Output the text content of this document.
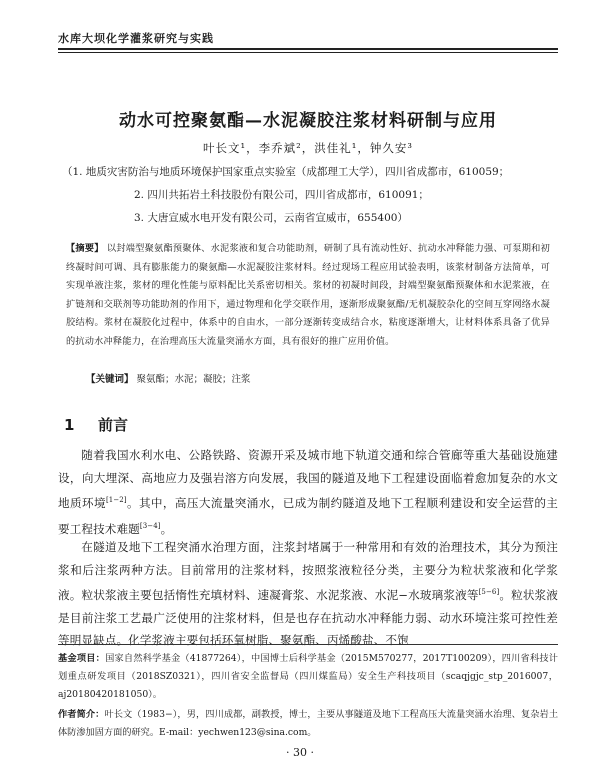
水库大坝化学灌浆研究与实践
动水可控聚氨酯—水泥凝胶注浆材料研制与应用
叶长文¹，李乔斌²，洪佳礼¹，钟久安³
（1. 地质灾害防治与地质环境保护国家重点实验室（成都理工大学），四川省成都市，610059；
2. 四川共拓岩土科技股份有限公司，四川省成都市，610091；
3. 大唐宣威水电开发有限公司，云南省宣威市，655400）
【摘要】 以封端型聚氨酯预聚体、水泥浆液和复合功能助剂，研制了具有流动性好、抗动水冲释能力强、可泵期和初终凝时间可调、具有膨胀能力的聚氨酯—水泥凝胶注浆材料。经过现场工程应用试验表明，该浆材制备方法简单，可实现单液注浆，浆材的理化性能与原料配比关系密切相关。浆材的初凝时间段，封端型聚氨酯预聚体和水泥浆液，在扩链剂和交联剂等功能助剂的作用下，通过物理和化学交联作用，逐渐形成聚氨酯/无机凝胶杂化的空间互穿网络水凝胶结构。浆材在凝胶化过程中，体系中的自由水，一部分逐渐转变成结合水，粘度逐渐增大，让材料体系具备了优异的抗动水冲释能力，在治理高压大流量突涌水方面，具有很好的推广应用价值。
【关键词】 聚氨酯；水泥；凝胶；注浆
1 前言
随着我国水利水电、公路铁路、资源开采及城市地下轨道交通和综合管廊等重大基础设施建设，向大埋深、高地应力及强岩溶方向发展，我国的隧道及地下工程建设面临着愈加复杂的水文地质环境[1−2]。其中，高压大流量突涌水，已成为制约隧道及地下工程顺利建设和安全运营的主要工程技术难题[3−4]。
在隧道及地下工程突涌水治理方面，注浆封堵属于一种常用和有效的治理技术，其分为预注浆和后注浆两种方法。目前常用的注浆材料，按照浆液粒径分类，主要分为粒状浆液和化学浆液。粒状浆液主要包括惰性充填材料、速凝膏浆、水泥浆液、水泥−水玻璃浆液等[5−6]。粒状浆液是目前注浆工艺最广泛使用的注浆材料，但是也存在抗动水冲释能力弱、动水环境注浆可控性差等明显缺点。化学浆液主要包括环氧树脂、聚氨酯、丙烯酸盐、不饱
基金项目：国家自然科学基金（41877264），中国博士后科学基金（2015M570277，2017T100209），四川省科技计划重点研发项目（2018SZ0321），四川省安全监督局（四川煤监局）安全生产科技项目（scaqjgjc_stp_2016007，aj20180420181050）。
作者简介：叶长文（1983−），男，四川成都，副教授，博士，主要从事隧道及地下工程高压大流量突涌水治理、复杂岩土体防渗加固方面的研究。E-mail：yechwen123@sina.com。
· 30 ·
